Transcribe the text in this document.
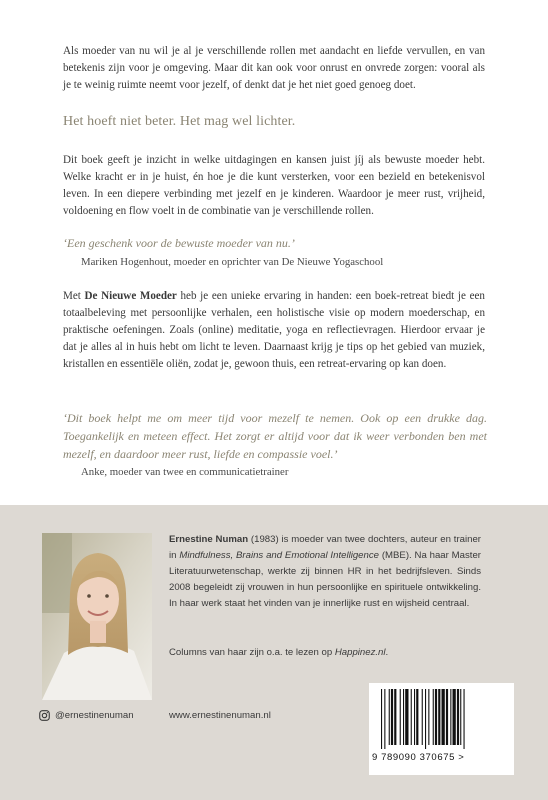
Als moeder van nu wil je al je verschillende rollen met aandacht en liefde vervullen, en van betekenis zijn voor je omgeving. Maar dit kan ook voor onrust en onvrede zorgen: vooral als je te weinig ruimte neemt voor jezelf, of denkt dat je het niet goed genoeg doet.

Het hoeft niet beter. Het mag wel lichter.

Dit boek geeft je inzicht in welke uitdagingen en kansen juist jíj als bewuste moeder hebt. Welke kracht er in je huist, én hoe je die kunt versterken, voor een bezield en betekenisvol leven. In een diepere verbinding met jezelf en je kinderen. Waardoor je meer rust, vrijheid, voldoening en flow voelt in de combinatie van je verschillende rollen.

‘Een geschenk voor de bewuste moeder van nu.’

Mariken Hogenhout, moeder en oprichter van De Nieuwe Yogaschool

Met De Nieuwe Moeder heb je een unieke ervaring in handen: een boek-retreat biedt je een totaalbeleving met persoonlijke verhalen, een holistische visie op modern moederschap, en praktische oefeningen. Zoals (online) meditatie, yoga en reflectievragen. Hierdoor ervaar je dat je alles al in huis hebt om licht te leven. Daarnaast krijg je tips op het gebied van muziek, kristallen en essentiële oliën, zodat je, gewoon thuis, een retreat-ervaring op kan doen.

‘Dit boek helpt me om meer tijd voor mezelf te nemen. Ook op een drukke dag. Toegankelijk en meteen effect. Het zorgt er altijd voor dat ik weer verbonden ben met mezelf, en daardoor meer rust, liefde en compassie voel.’

Anke, moeder van twee en communicatietrainer

Ernestine Numan (1983) is moeder van twee dochters, auteur en trainer in Mindfulness, Brains and Emotional Intelligence (MBE). Na haar Master Literatuurwetenschap, werkte zij binnen HR in het bedrijfsleven. Sinds 2008 begeleidt zij vrouwen in hun persoonlijke en spirituele ontwikkeling. In haar werk staat het vinden van je innerlijke rust en wijsheid centraal.

Columns van haar zijn o.a. te lezen op Happinez.nl.

@ernestinenuman	www.ernestinenuman.nl
9 789090 370675 >
